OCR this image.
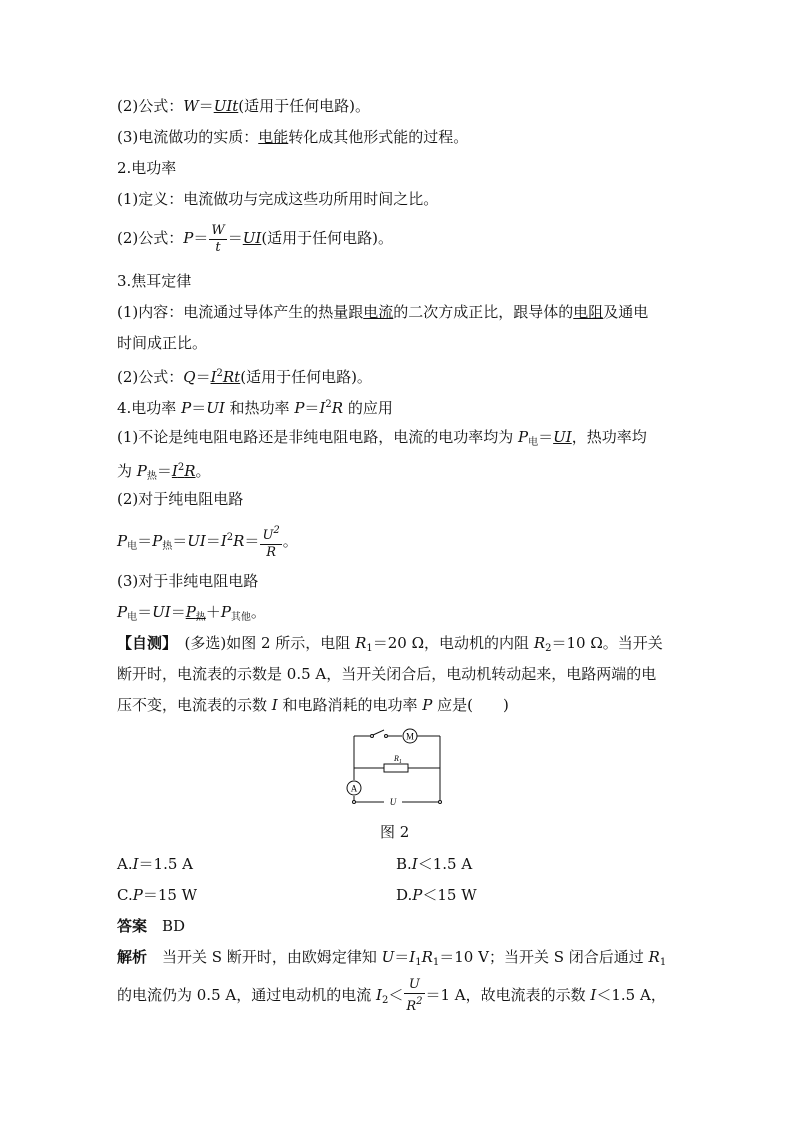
(2)公式：W＝UIt(适用于任何电路)。
(3)电流做功的实质：电能转化成其他形式能的过程。
2.电功率
(1)定义：电流做功与完成这些功所用时间之比。
(2)公式：$P= \frac{W}{t} =UI$(适用于任何电路)。
3.焦耳定律
(1)内容：电流通过导体产生的热量跟电流的二次方成正比，跟导体的电阻及通电
时间成正比。
(2)公式：$Q=I^2Rt$(适用于任何电路)。
4.电功率 P＝UI 和热功率 $P=I^2R$ 的应用
(1)不论是纯电阻电路还是非纯电阻电路，电流的电功率均为 $P_电=UI$，热功率均
为 $P_热=I^2R$。
(2)对于纯电阻电路
$P_电=P_热=UI=I^2R= \frac{U^2}{R}$ 。
(3)对于非纯电阻电路
$P_电=UI=P_热+P_{其他}$。
【自测】　(多选)如图 2 所示，电阻 $R_1=20$ Ω，电动机的内阻 $R_2=10$ Ω。当开关
断开时，电流表的示数是 0.5 A，当开关闭合后，电动机转动起来，电路两端的电
压不变，电流表的示数 I 和电路消耗的电功率 P 应是(　　)
M
A
$R_1$
U
图 2
A.I＝1.5 A	B.I＜1.5 A
C.P＝15 W	D.P＜15 W
答案　 BD
解析　当开关 S 断开时，由欧姆定律知 $U=I_1R_1=10$ V；当开关 S 闭合后通过 $R_1$
的电流仍为 0.5 A，通过电动机的电流 $I_2< \frac{U}{R^2} =1$ A，故电流表的示数 I＜1.5 A，
